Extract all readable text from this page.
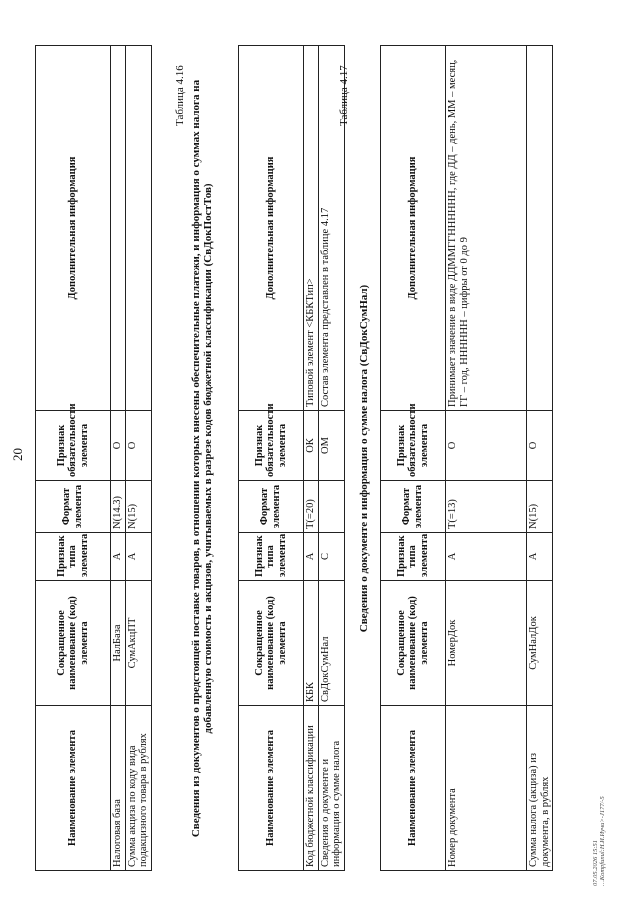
20
Наименование элемента	Сокращенное наименование (код) элемента	Признак типа элемента	Формат элемента	Признак обязательности элемента	Дополнительная информация
Налоговая база	НалБаза	А	N(14.3)	О	
Сумма акциза по коду вида подакцизного товара в рублях	СумАкцПТ	А	N(15)	О	
Таблица 4.16 Сведения из документов о предстоящей поставке товаров, в отношении которых внесены обеспечительные платежи, и информация о суммах налога на добавленную стоимость и акцизов, учитываемых в разрезе кодов бюджетной классификации (СвДокПостТов)
Наименование элемента	Сокращенное наименование (код) элемента	Признак типа элемента	Формат элемента	Признак обязательности элемента	Дополнительная информация
Код бюджетной классификации	КБК	А	T(=20)	ОК	Типовой элемент <КБКТип>
Сведения о документе и информация о сумме налога	СвДокСумНал	С		ОМ	Состав элемента представлен в таблице 4.17
Таблица 4.17
Сведения о документе и информация о сумме налога (СвДокСумНал)
Наименование элемента	Сокращенное наименование (код) элемента	Признак типа элемента	Формат элемента	Признак обязательности элемента	Дополнительная информация
Номер документа	НомерДок	А	T(=13)	О	Принимает значение в виде ДДММГГНННННН, где ДД – день, ММ – месяц, ГГ – год, НННННН – цифры от 0 до 9
Сумма налога (акциза) из документа, в рублях	СумНалДок	А	N(15)	О	
07.05.2026 15:51 …Kompfunul:Н.И.Иучи>-J177/-5
